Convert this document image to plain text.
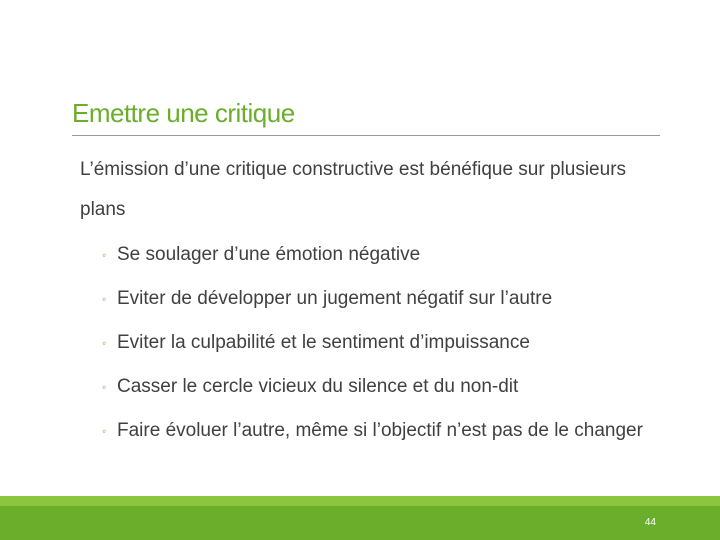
Emettre une critique

L’émission d’une critique constructive est bénéfique sur plusieurs plans

◦ Se soulager d’une émotion négative
◦ Eviter de développer un jugement négatif sur l’autre
◦ Eviter la culpabilité et le sentiment d’impuissance
◦ Casser le cercle vicieux du silence et du non-dit
◦ Faire évoluer l’autre, même si l’objectif n’est pas de le changer
44
